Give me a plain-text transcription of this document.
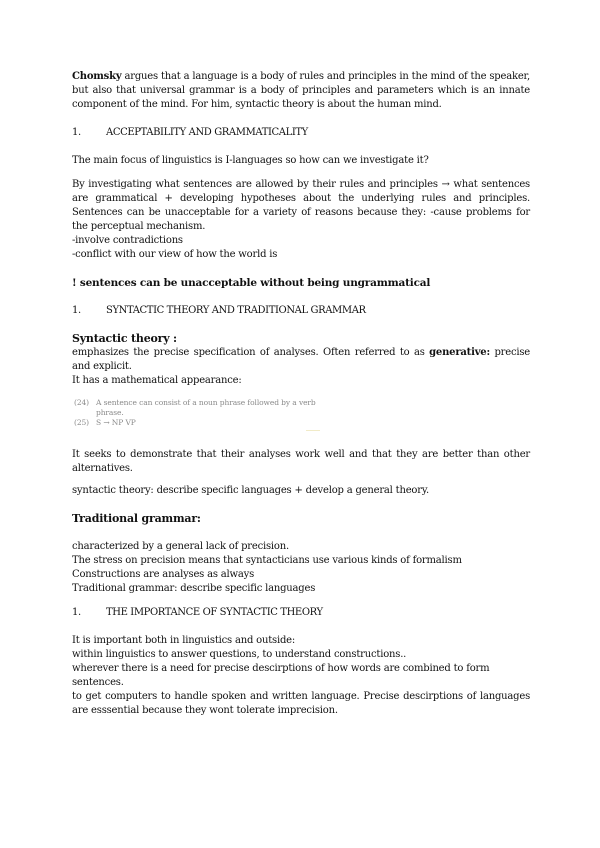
Chomsky argues that a language is a body of rules and principles in the mind of the speaker, but also that universal grammar is a body of principles and parameters which is an innate component of the mind. For him, syntactic theory is about the human mind.

1.	ACCEPTABILITY AND GRAMMATICALITY

The main focus of linguistics is I-languages so how can we investigate it?

By investigating what sentences are allowed by their rules and principles → what sentences are grammatical + developing hypotheses about the underlying rules and principles. Sentences can be unacceptable for a variety of reasons because they: -cause problems for the perceptual mechanism.

-involve contradictions

-conflict with our view of how the world is

! sentences can be unacceptable without being ungrammatical

1.	SYNTACTIC THEORY AND TRADITIONAL GRAMMAR

Syntactic theory :

emphasizes the precise specification of analyses. Often referred to as generative: precise and explicit.

It has a mathematical appearance:

(24) A sentence can consist of a noun phrase followed by a verb
phrase.
(25) S → NP VP

It seeks to demonstrate that their analyses work well and that they are better than other alternatives.

syntactic theory: describe specific languages + develop a general theory.

Traditional grammar:

characterized by a general lack of precision.

The stress on precision means that syntacticians use various kinds of formalism

Constructions are analyses as always

Traditional grammar: describe specific languages

1.	THE IMPORTANCE OF SYNTACTIC THEORY

It is important both in linguistics and outside:

within linguistics to answer questions, to understand constructions..

wherever there is a need for precise descirptions of how words are combined to form sentences.

to get computers to handle spoken and written language. Precise descirptions of languages are esssential because they wont tolerate imprecision.
